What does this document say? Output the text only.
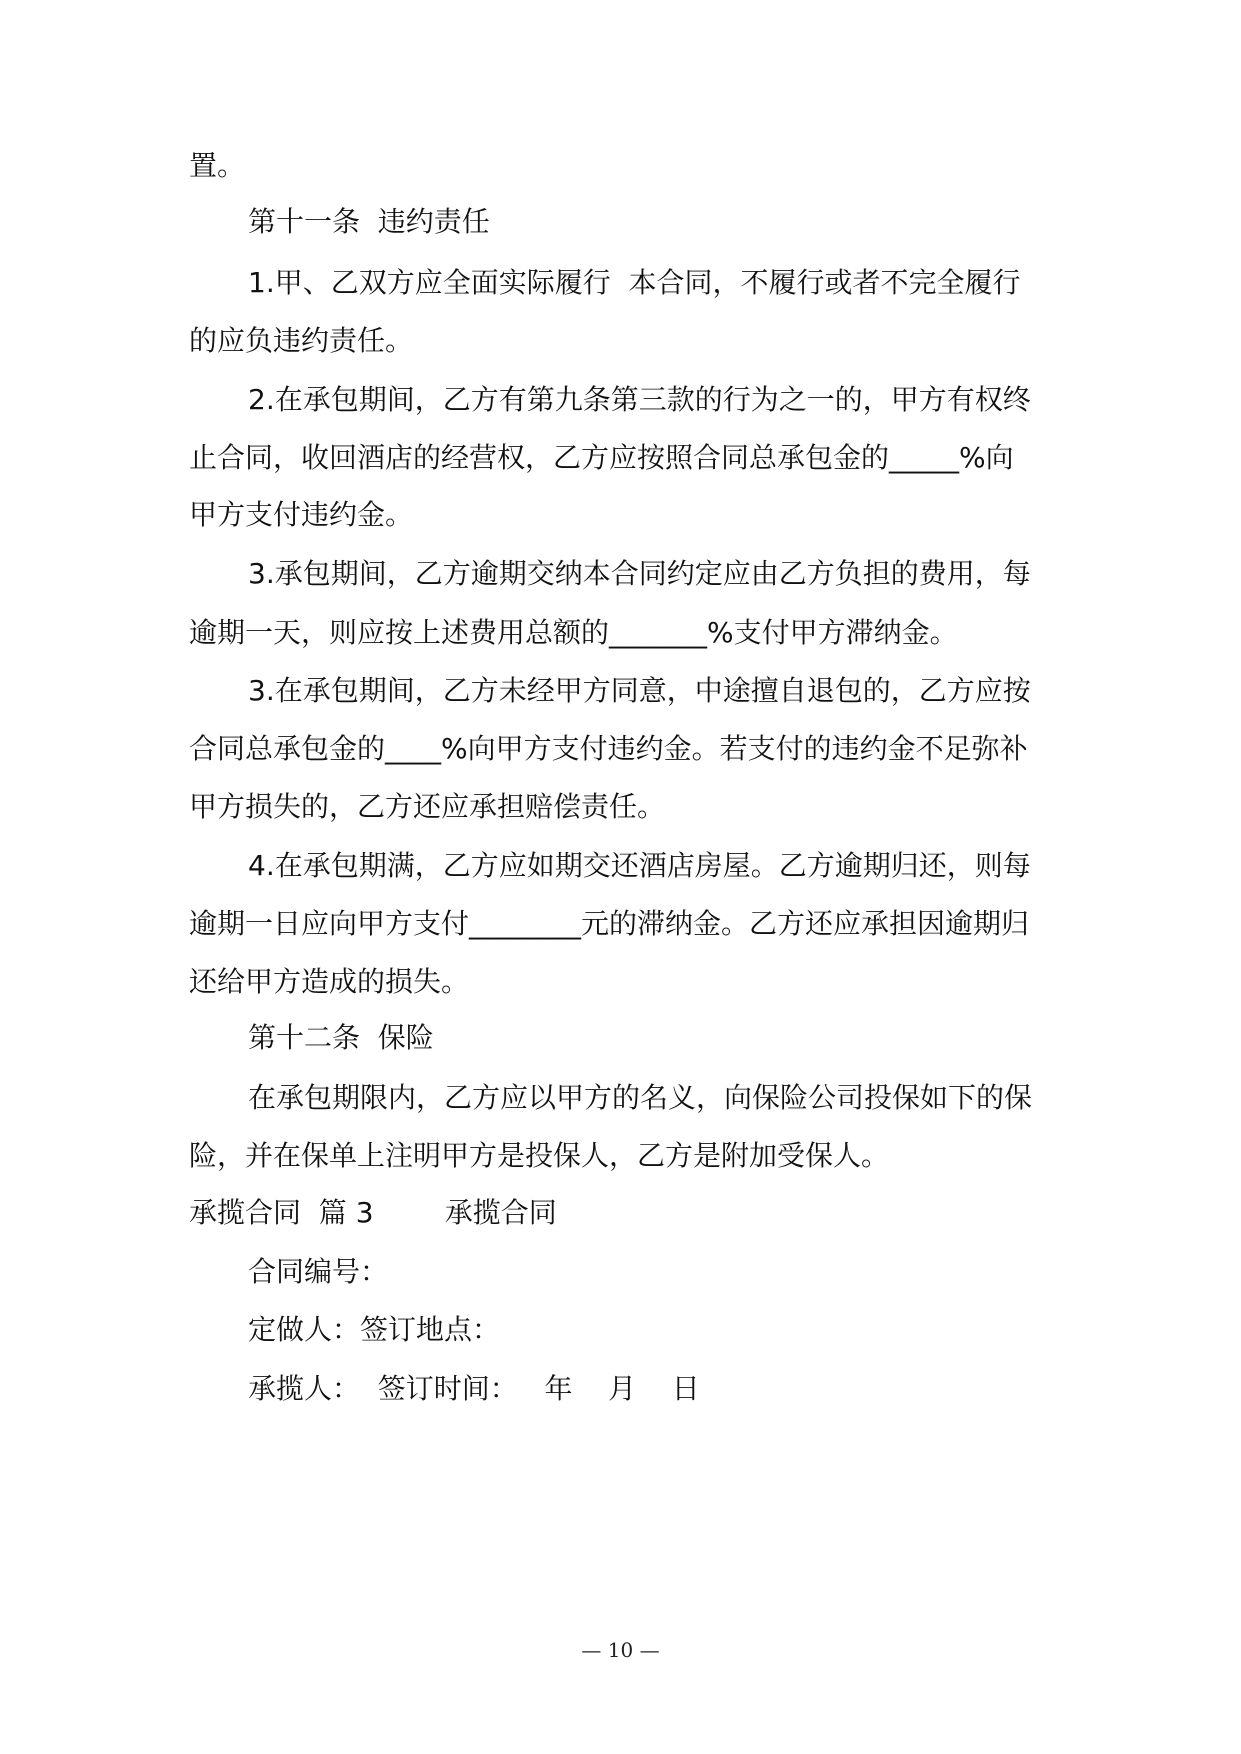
置。
第十一条  违约责任
1.甲、乙双方应全面实际履行  本合同，不履行或者不完全履行
的应负违约责任。
2.在承包期间，乙方有第九条第三款的行为之一的，甲方有权终
止合同，收回酒店的经营权，乙方应按照合同总承包金的_____%向
甲方支付违约金。
3.承包期间，乙方逾期交纳本合同约定应由乙方负担的费用，每
逾期一天，则应按上述费用总额的_______%支付甲方滞纳金。
3.在承包期间，乙方未经甲方同意，中途擅自退包的，乙方应按
合同总承包金的____%向甲方支付违约金。若支付的违约金不足弥补
甲方损失的，乙方还应承担赔偿责任。
4.在承包期满，乙方应如期交还酒店房屋。乙方逾期归还，则每
逾期一日应向甲方支付________元的滞纳金。乙方还应承担因逾期归
还给甲方造成的损失。
第十二条  保险
在承包期限内，乙方应以甲方的名义，向保险公司投保如下的保
险，并在保单上注明甲方是投保人，乙方是附加受保人。
承揽合同  篇 3        承揽合同
合同编号：
定做人：签订地点：
承揽人：  签订时间：   年    月    日
— 10 —
